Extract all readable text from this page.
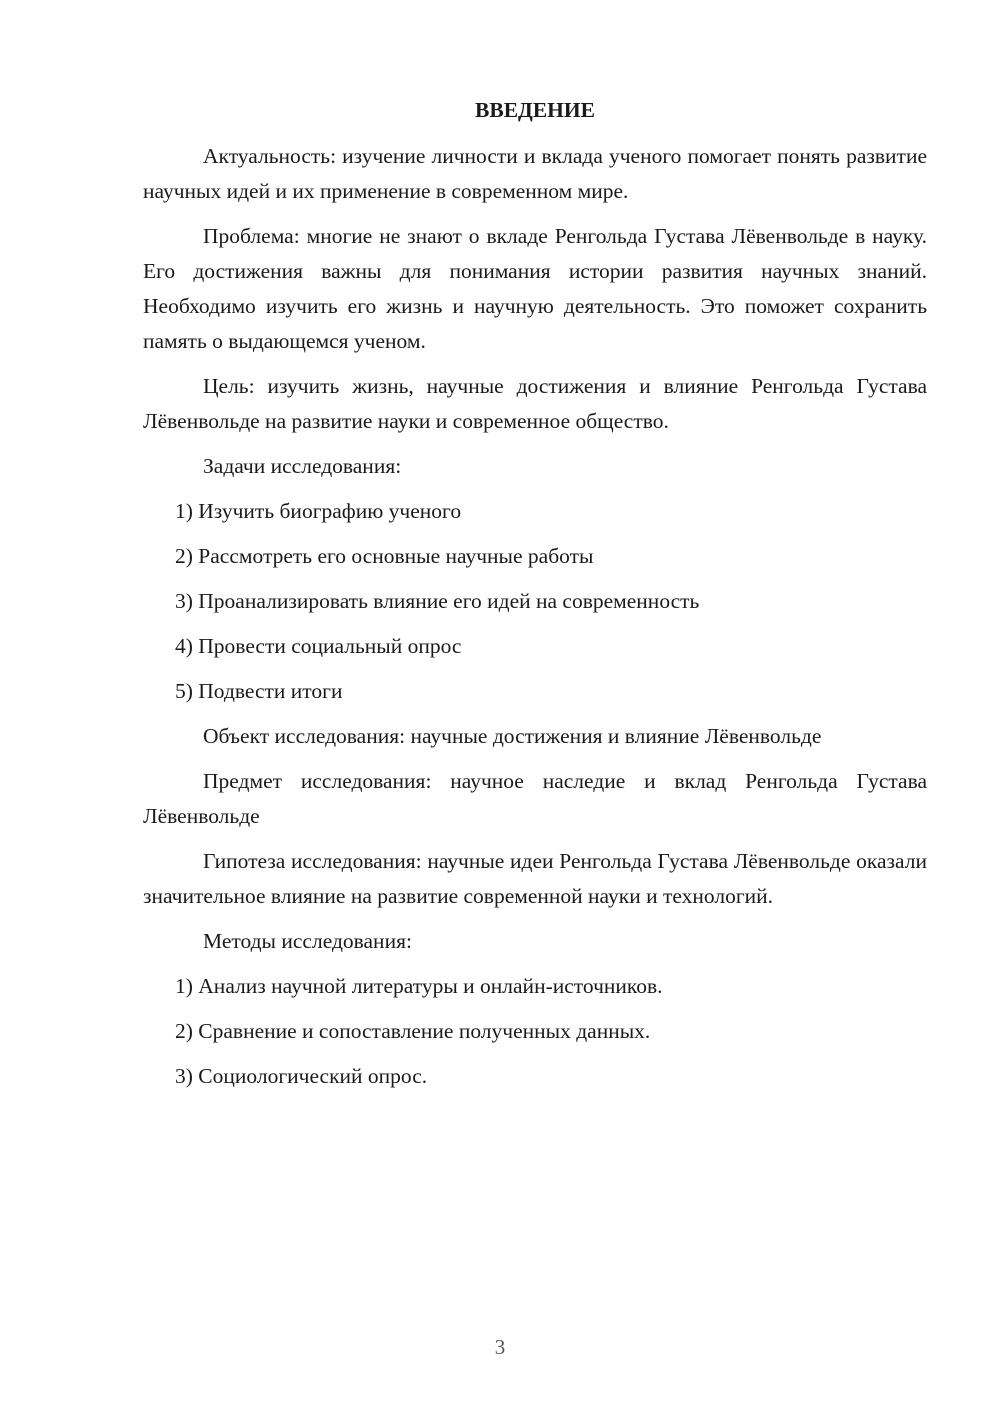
ВВЕДЕНИЕ

Актуальность: изучение личности и вклада ученого помогает понять развитие научных идей и их применение в современном мире.

Проблема: многие не знают о вкладе Ренгольда Густава Лёвенвольде в науку. Его достижения важны для понимания истории развития научных знаний. Необходимо изучить его жизнь и научную деятельность. Это поможет сохранить память о выдающемся ученом.

Цель: изучить жизнь, научные достижения и влияние Ренгольда Густава Лёвенвольде на развитие науки и современное общество.

Задачи исследования:

1) Изучить биографию ученого
2) Рассмотреть его основные научные работы
3) Проанализировать влияние его идей на современность
4) Провести социальный опрос
5) Подвести итоги

Объект исследования: научные достижения и влияние Лёвенвольде

Предмет исследования: научное наследие и вклад Ренгольда Густава Лёвенвольде

Гипотеза исследования: научные идеи Ренгольда Густава Лёвенвольде оказали значительное влияние на развитие современной науки и технологий.

Методы исследования:

1) Анализ научной литературы и онлайн-источников.
2) Сравнение и сопоставление полученных данных.
3) Социологический опрос.
3
